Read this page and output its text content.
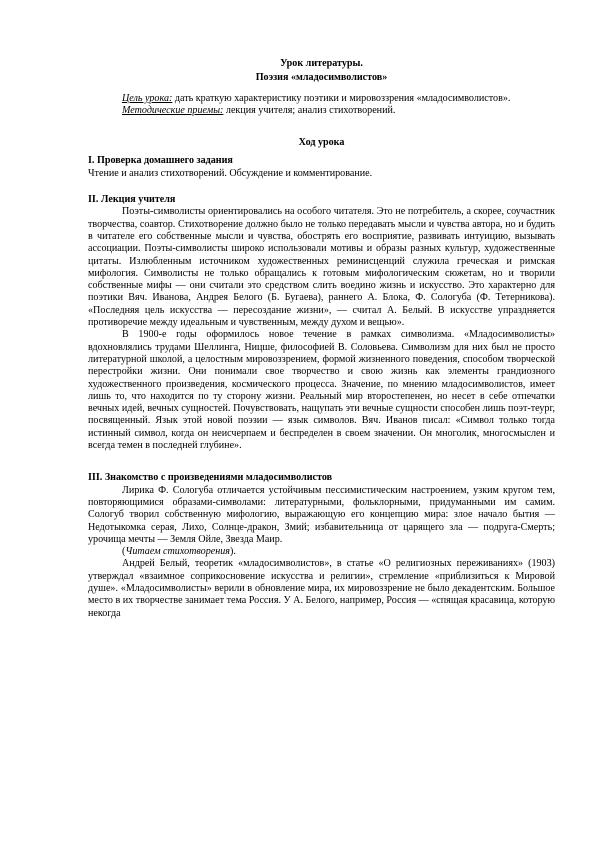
Урок литературы.

Поэзия «младосимволистов»

Цель урока: дать краткую характеристику поэтики и мировоззрения «младосимволистов».

Методические приемы: лекция учителя; анализ стихотворений.

Ход урока

I. Проверка домашнего задания

Чтение и анализ стихотворений. Обсуждение и комментирование.

II. Лекция учителя

Поэты-символисты ориентировались на особого читателя. Это не потребитель, а скорее, соучастник творчества, соавтор. Стихотворение должно было не только передавать мысли и чувства автора, но и будить в читателе его собственные мысли и чувства, обострять его восприятие, развивать интуицию, вызывать ассоциации. Поэты-символисты широко использовали мотивы и образы разных культур, художественные цитаты. Излюбленным источником художественных реминисценций служила греческая и римская мифология. Символисты не только обращались к готовым мифологическим сюжетам, но и творили собственные мифы — они считали это средством слить воедино жизнь и искусство. Это характерно для поэтики Вяч. Иванова, Андрея Белого (Б. Бугаева), раннего А. Блока, Ф. Сологуба (Ф. Тетерникова). «Последняя цель искусства — пересоздание жизни», — считал А. Белый. В искусстве упраздняется противоречие между идеальным и чувственным, между духом и вещью».

В 1900-е годы оформилось новое течение в рамках символизма. «Младосимволисты» вдохновлялись трудами Шеллинга, Ницше, философией В. Соловьева. Символизм для них был не просто литературной школой, а целостным мировоззрением, формой жизненного поведения, способом творческой перестройки жизни. Они понимали свое творчество и свою жизнь как элементы грандиозного художественного произведения, космического процесса. Значение, по мнению младосимволистов, имеет лишь то, что находится по ту сторону жизни. Реальный мир второстепенен, но несет в себе отпечатки вечных идей, вечных сущностей. Почувствовать, нащупать эти вечные сущности способен лишь поэт-теург, посвященный. Язык этой новой поэзии — язык символов. Вяч. Иванов писал: «Символ только тогда истинный символ, когда он неисчерпаем и беспределен в своем значении. Он многолик, многосмыслен и всегда темен в последней глубине».

III. Знакомство с произведениями младосимволистов

Лирика Ф. Сологуба отличается устойчивым пессимистическим настроением, узким кругом тем, повторяющимися образами-символами: литературными, фольклорными, придуманными им самим. Сологуб творил собственную мифологию, выражающую его концепцию мира: злое начало бытия — Недотыкомка серая, Лихо, Солнце-дракон, Змий; избавительница от царящего зла — подруга-Смерть; урочища мечты — Земля Ойле, Звезда Маир.

(Читаем стихотворения).

Андрей Белый, теоретик «младосимволистов», в статье «О религиозных переживаниях» (1903) утверждал «взаимное соприкосновение искусства и религии», стремление «приблизиться к Мировой душе». «Младосимволисты» верили в обновление мира, их мировоззрение не было декадентским. Большое место в их творчестве занимает тема Россия. У А. Белого, например, Россия — «спящая красавица, которую некогда
